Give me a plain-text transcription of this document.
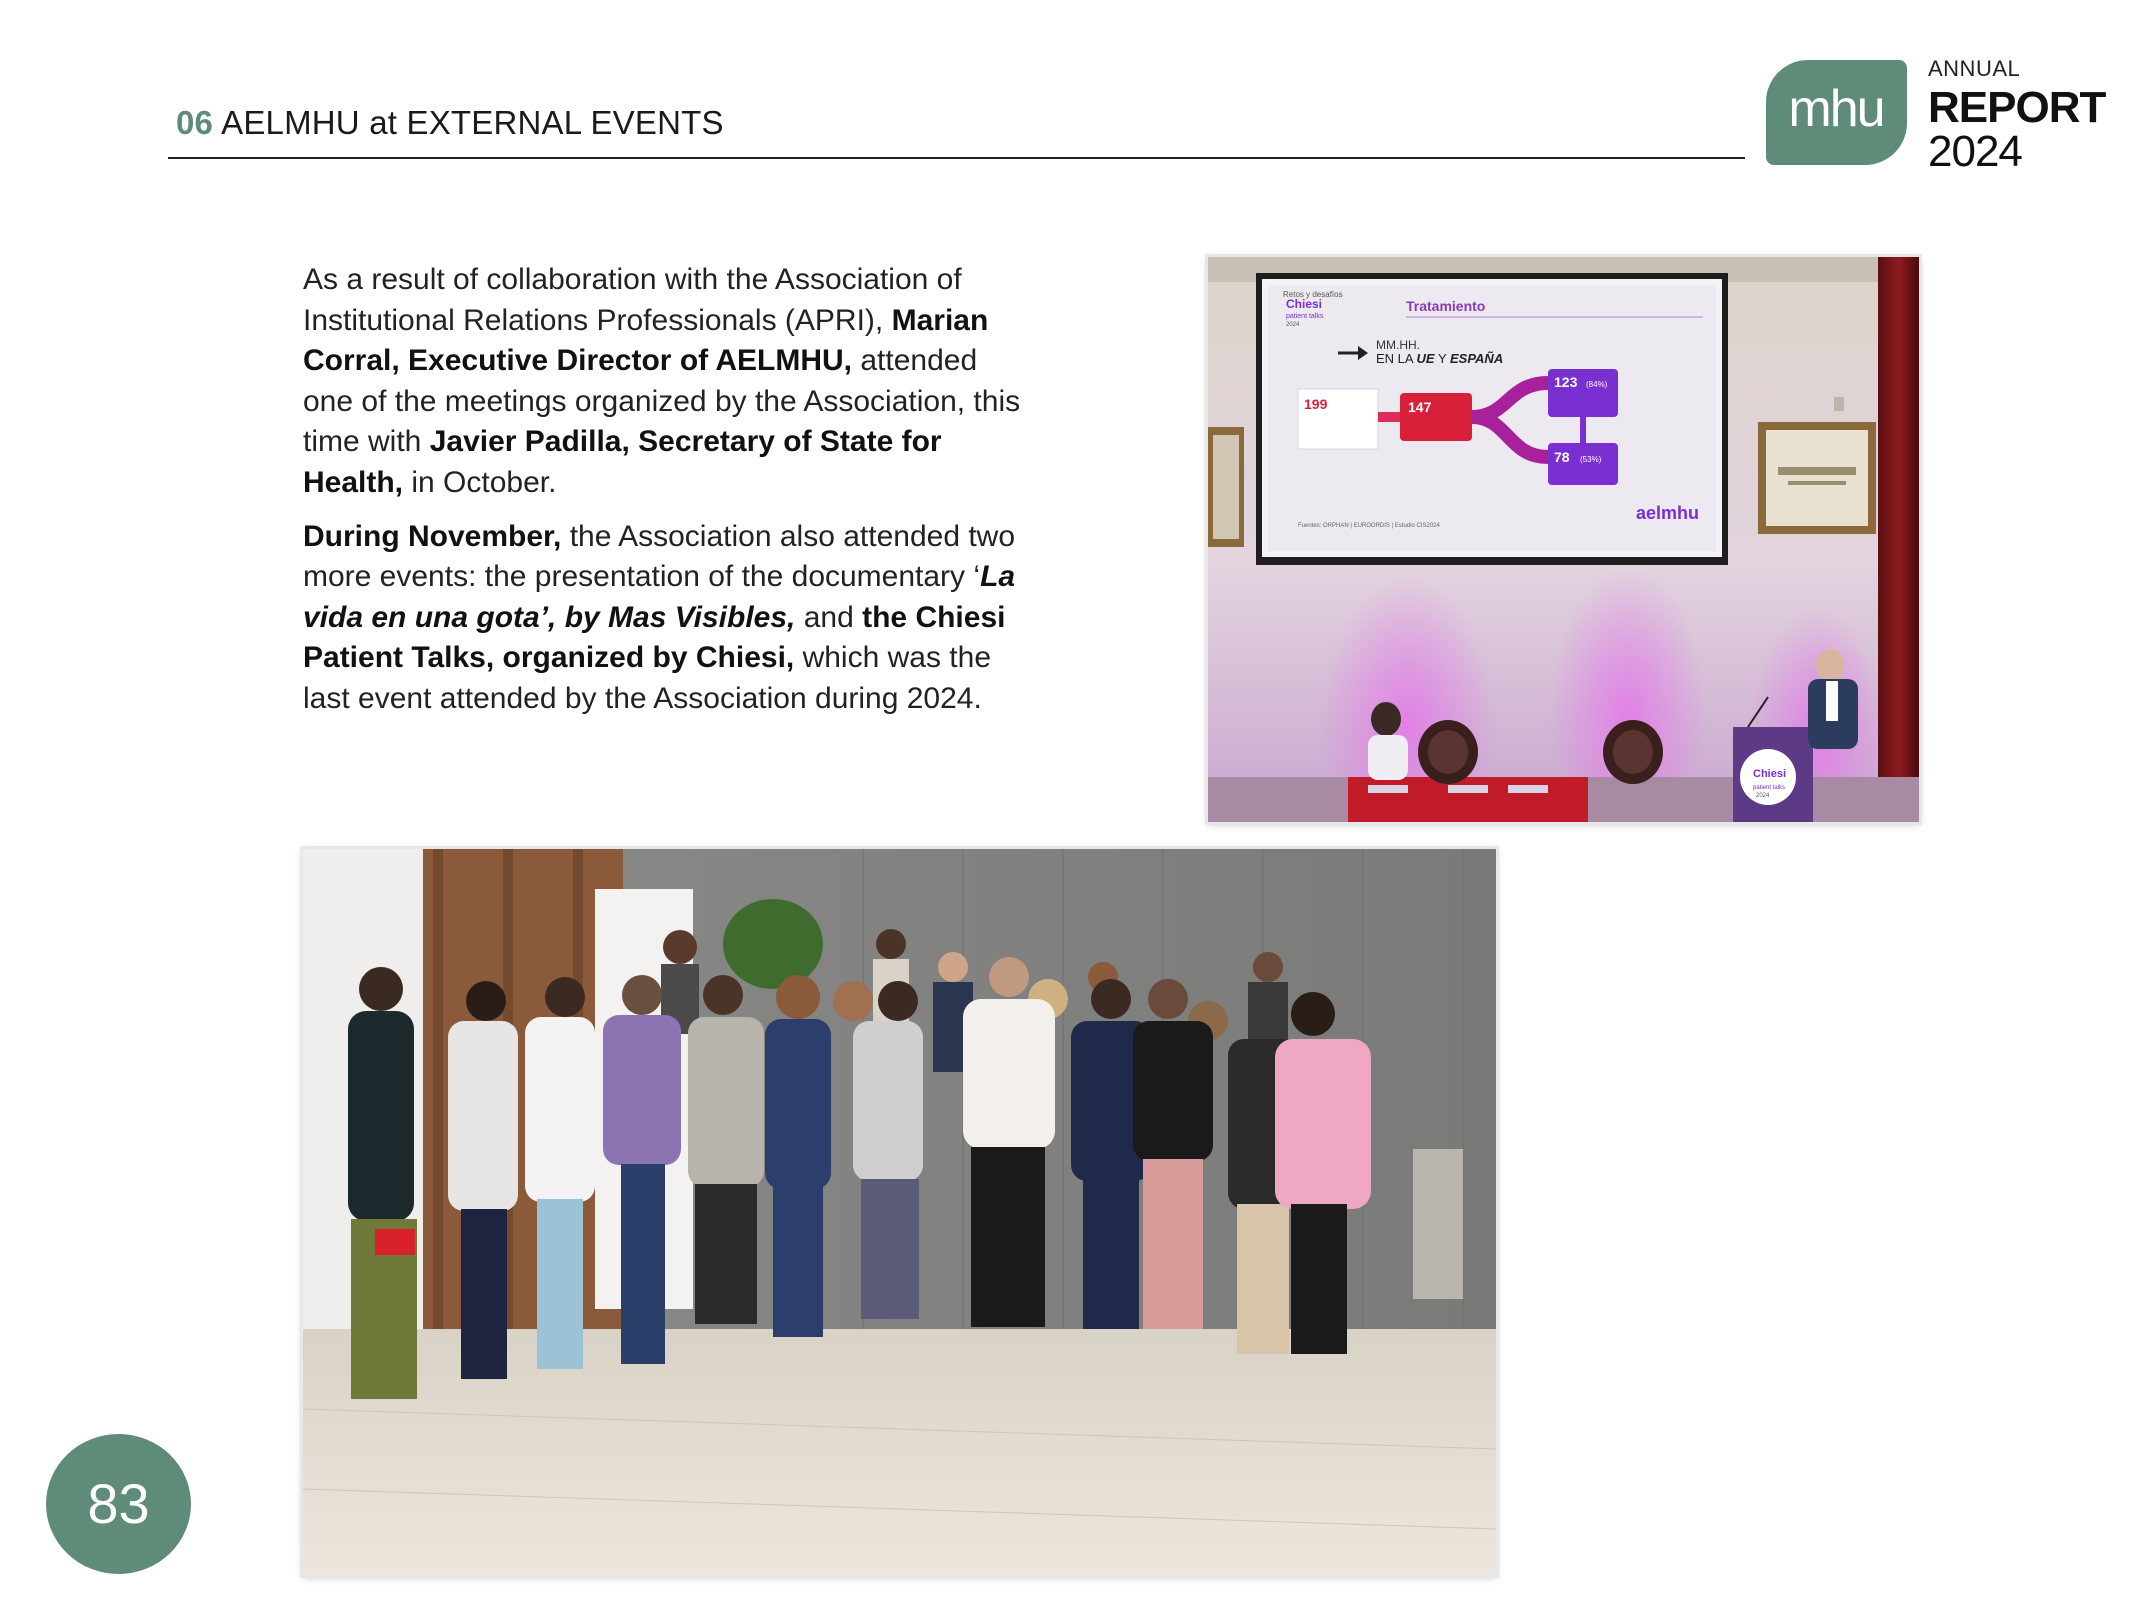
06 AELMHU at EXTERNAL EVENTS	mhu
ANNUAL
REPORT
2024

As a result of collaboration with the Association of Institutional Relations Professionals (APRI), Marian Corral, Executive Director of AELMHU, attended one of the meetings organized by the Association, this time with Javier Padilla, Secretary of State for Health, in October.

During November, the Association also attended two more events: the presentation of the documentary ‘La vida en una gota’, by Mas Visibles, and the Chiesi Patient Talks, organized by Chiesi, which was the last event attended by the Association during 2024.

Retos y desafíos
Chiesi
patient talks
2024
Tratamiento
MM.HH.
EN LA UE Y ESPAÑA
199	147
123 (84%)
78 (53%)
Fuentes: ORPHAN | EUROORDIS | Estudio CIS2024
aelmhu
Chiesi
patient talks
2024
83
